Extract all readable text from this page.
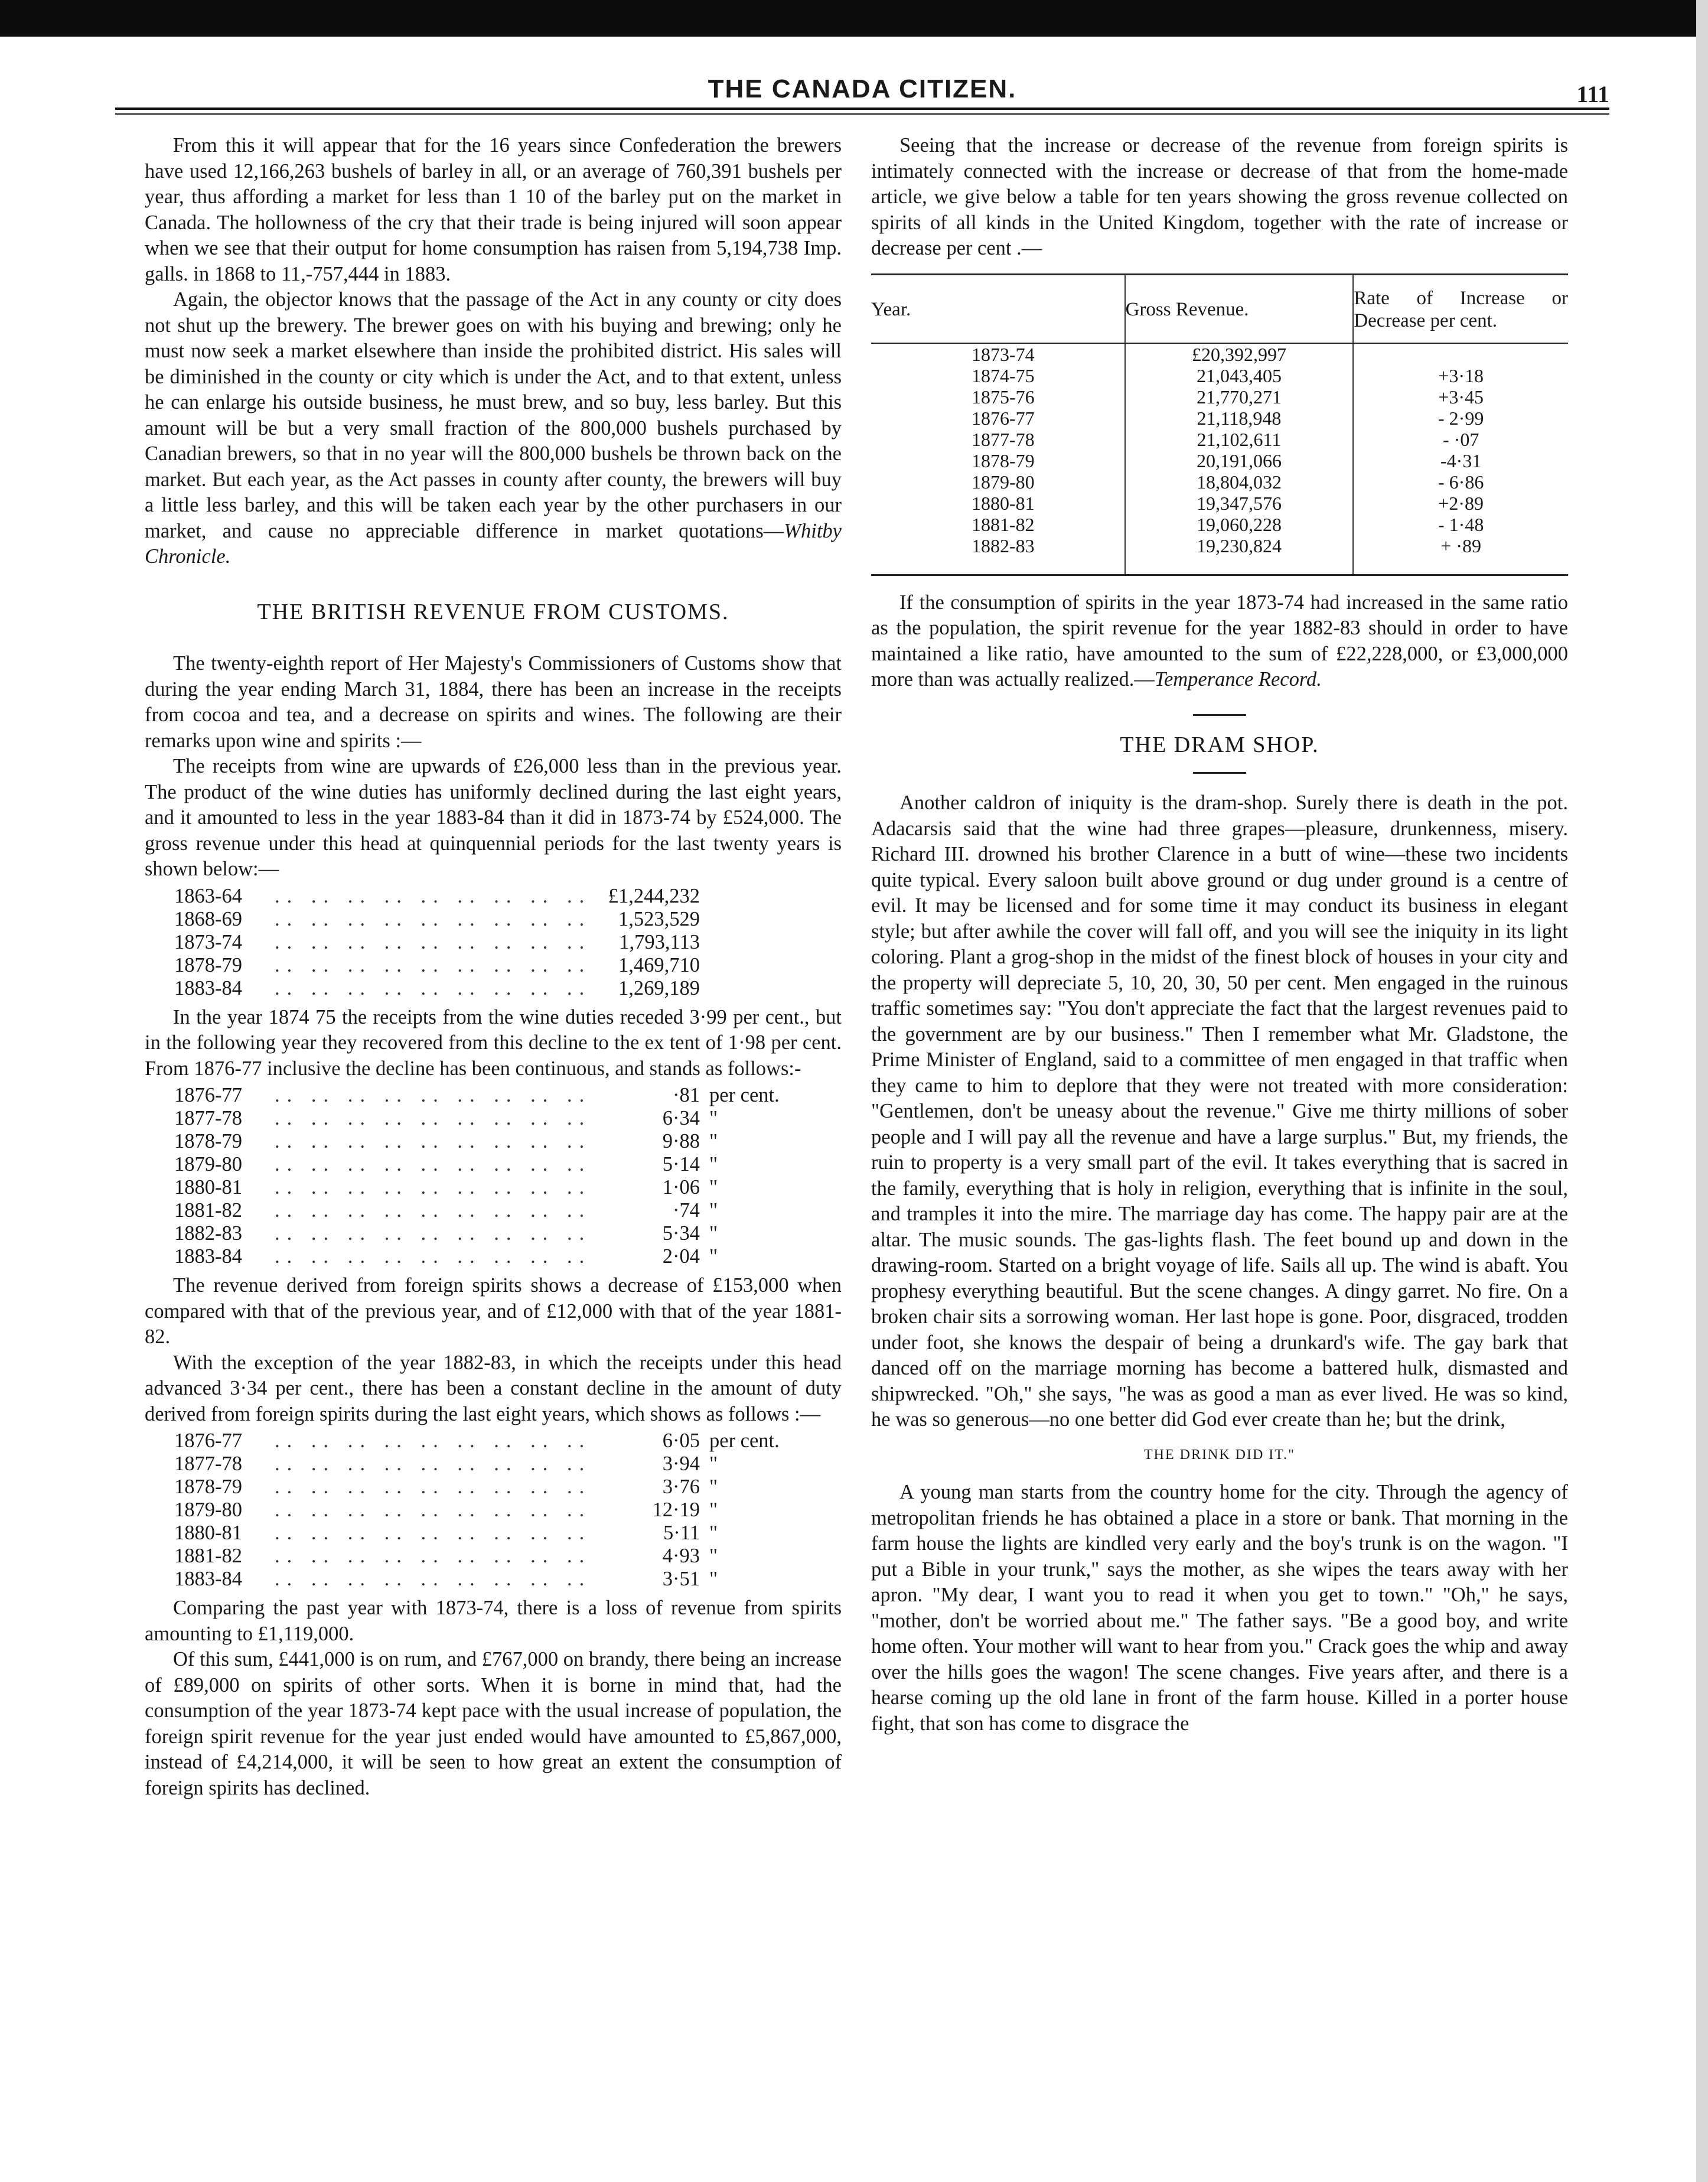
THE CANADA CITIZEN.	111

From this it will appear that for the 16 years since Confederation the brewers have used 12,166,263 bushels of barley in all, or an average of 760,391 bushels per year, thus affording a market for less than 1 10 of the barley put on the market in Canada. The hollowness of the cry that their trade is being injured will soon appear when we see that their output for home consumption has raisen from 5,194,738 Imp. galls. in 1868 to 11,-757,444 in 1883.

Again, the objector knows that the passage of the Act in any county or city does not shut up the brewery. The brewer goes on with his buying and brewing; only he must now seek a market elsewhere than inside the prohibited district. His sales will be diminished in the county or city which is under the Act, and to that extent, unless he can enlarge his outside business, he must brew, and so buy, less barley. But this amount will be but a very small fraction of the 800,000 bushels purchased by Canadian brewers, so that in no year will the 800,000 bushels be thrown back on the market. But each year, as the Act passes in county after county, the brewers will buy a little less barley, and this will be taken each year by the other purchasers in our market, and cause no appreciable difference in market quotations—Whitby Chronicle.

THE BRITISH REVENUE FROM CUSTOMS.

The twenty-eighth report of Her Majesty's Commissioners of Customs show that during the year ending March 31, 1884, there has been an increase in the receipts from cocoa and tea, and a decrease on spirits and wines. The following are their remarks upon wine and spirits :—

The receipts from wine are upwards of £26,000 less than in the previous year. The product of the wine duties has uniformly declined during the last eight years, and it amounted to less in the year 1883-84 than it did in 1873-74 by £524,000. The gross revenue under this head at quinquennial periods for the last twenty years is shown below:—

1863-64	.. .. .. .. .. .. .. .. .. £1,244,232
1868-69	.. .. .. .. .. .. .. .. ..	1,523,529
1873-74	.. .. .. .. .. .. .. .. ..	1,793,113
1878-79	.. .. .. .. .. .. .. .. ..	1,469,710
1883-84	.. .. .. .. .. .. .. .. ..	1,269,189

In the year 1874 75 the receipts from the wine duties receded 3·99 per cent., but in the following year they recovered from this decline to the ex tent of 1·98 per cent. From 1876-77 inclusive the decline has been continuous, and stands as follows:-

1876-77	.. .. .. .. .. .. .. .. ..	·81 per cent.
1877-78	.. .. .. .. .. .. .. .. ..	6·34 "
1878-79	.. .. .. .. .. .. .. .. ..	9·88 "
1879-80	.. .. .. .. .. .. .. .. ..	5·14 "
1880-81	.. .. .. .. .. .. .. .. ..	1·06 "
1881-82	.. .. .. .. .. .. .. .. ..	·74 "
1882-83	.. .. .. .. .. .. .. .. ..	5·34 "
1883-84	.. .. .. .. .. .. .. .. ..	2·04 "

The revenue derived from foreign spirits shows a decrease of £153,000 when compared with that of the previous year, and of £12,000 with that of the year 1881-82.

With the exception of the year 1882-83, in which the receipts under this head advanced 3·34 per cent., there has been a constant decline in the amount of duty derived from foreign spirits during the last eight years, which shows as follows :—

1876-77	.. .. .. .. .. .. .. .. ..	6·05 per cent.
1877-78	.. .. .. .. .. .. .. .. ..	3·94 "
1878-79	.. .. .. .. .. .. .. .. ..	3·76 "
1879-80	.. .. .. .. .. .. .. .. ..	12·19 "
1880-81	.. .. .. .. .. .. .. .. ..	5·11 "
1881-82	.. .. .. .. .. .. .. .. ..	4·93 "
1883-84	.. .. .. .. .. .. .. .. ..	3·51 "

Comparing the past year with 1873-74, there is a loss of revenue from spirits amounting to £1,119,000.

Of this sum, £441,000 is on rum, and £767,000 on brandy, there being an increase of £89,000 on spirits of other sorts. When it is borne in mind that, had the consumption of the year 1873-74 kept pace with the usual increase of population, the foreign spirit revenue for the year just ended would have amounted to £5,867,000, instead of £4,214,000, it will be seen to how great an extent the consumption of foreign spirits has declined.

Seeing that the increase or decrease of the revenue from foreign spirits is intimately connected with the increase or decrease of that from the home-made article, we give below a table for ten years showing the gross revenue collected on spirits of all kinds in the United Kingdom, together with the rate of increase or decrease per cent .—

Year.	Gross Revenue.	Rate of Increase or Decrease per cent.
1873-74	£20,392,997	
1874-75	21,043,405	+3·18
1875-76	21,770,271	+3·45
1876-77	21,118,948	- 2·99
1877-78	21,102,611	- ·07
1878-79	20,191,066	-4·31
1879-80	18,804,032	- 6·86
1880-81	19,347,576	+2·89
1881-82	19,060,228	- 1·48
1882-83	19,230,824	+ ·89

If the consumption of spirits in the year 1873-74 had increased in the same ratio as the population, the spirit revenue for the year 1882-83 should in order to have maintained a like ratio, have amounted to the sum of £22,228,000, or £3,000,000 more than was actually realized.—Temperance Record.

THE DRAM SHOP.

Another caldron of iniquity is the dram-shop. Surely there is death in the pot. Adacarsis said that the wine had three grapes—pleasure, drunkenness, misery. Richard III. drowned his brother Clarence in a butt of wine—these two incidents quite typical. Every saloon built above ground or dug under ground is a centre of evil. It may be licensed and for some time it may conduct its business in elegant style; but after awhile the cover will fall off, and you will see the iniquity in its light coloring. Plant a grog-shop in the midst of the finest block of houses in your city and the property will depreciate 5, 10, 20, 30, 50 per cent. Men engaged in the ruinous traffic sometimes say: "You don't appreciate the fact that the largest revenues paid to the government are by our business." Then I remember what Mr. Gladstone, the Prime Minister of England, said to a committee of men engaged in that traffic when they came to him to deplore that they were not treated with more consideration: "Gentlemen, don't be uneasy about the revenue." Give me thirty millions of sober people and I will pay all the revenue and have a large surplus." But, my friends, the ruin to property is a very small part of the evil. It takes everything that is sacred in the family, everything that is holy in religion, everything that is infinite in the soul, and tramples it into the mire. The marriage day has come. The happy pair are at the altar. The music sounds. The gas-lights flash. The feet bound up and down in the drawing-room. Started on a bright voyage of life. Sails all up. The wind is abaft. You prophesy everything beautiful. But the scene changes. A dingy garret. No fire. On a broken chair sits a sorrowing woman. Her last hope is gone. Poor, disgraced, trodden under foot, she knows the despair of being a drunkard's wife. The gay bark that danced off on the marriage morning has become a battered hulk, dismasted and shipwrecked. "Oh," she says, "he was as good a man as ever lived. He was so kind, he was so generous—no one better did God ever create than he; but the drink,

THE DRINK DID IT."

A young man starts from the country home for the city. Through the agency of metropolitan friends he has obtained a place in a store or bank. That morning in the farm house the lights are kindled very early and the boy's trunk is on the wagon. "I put a Bible in your trunk," says the mother, as she wipes the tears away with her apron. "My dear, I want you to read it when you get to town." "Oh," he says, "mother, don't be worried about me." The father says. "Be a good boy, and write home often. Your mother will want to hear from you." Crack goes the whip and away over the hills goes the wagon! The scene changes. Five years after, and there is a hearse coming up the old lane in front of the farm house. Killed in a porter house fight, that son has come to disgrace the
